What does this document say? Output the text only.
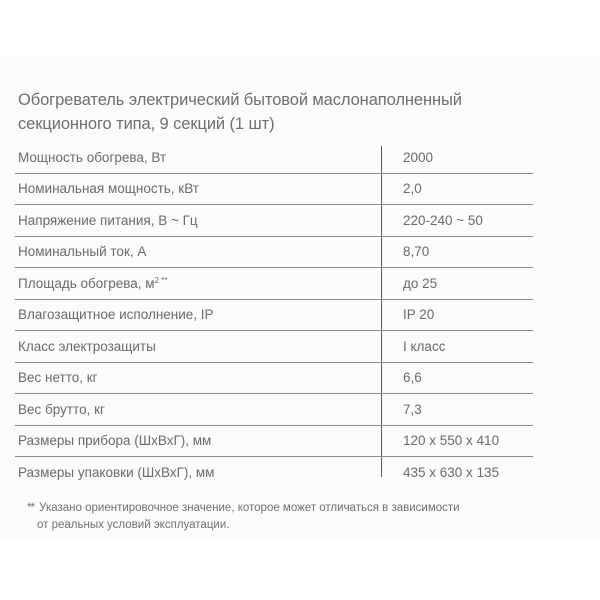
Обогреватель электрический бытовой маслонаполненный
секционного типа, 9 секций (1 шт)
Мощность обогрева, Вт	2000
Номинальная мощность, кВт	2,0
Напряжение питания, В ~ Гц	220-240 ~ 50
Номинальный ток, А	8,70
Площадь обогрева, $м^{2 **}$	до 25
Влагозащитное исполнение, IP	IP 20
Класс электрозащиты	I класс
Вес нетто, кг	6,6
Вес брутто, кг	7,3
Размеры прибора (ШхВхГ), мм	120 x 550 x 410
Размеры упаковки (ШхВхГ), мм	435 x 630 x 135
** Указано ориентировочное значение, которое может отличаться в зависимости
от реальных условий эксплуатации.
